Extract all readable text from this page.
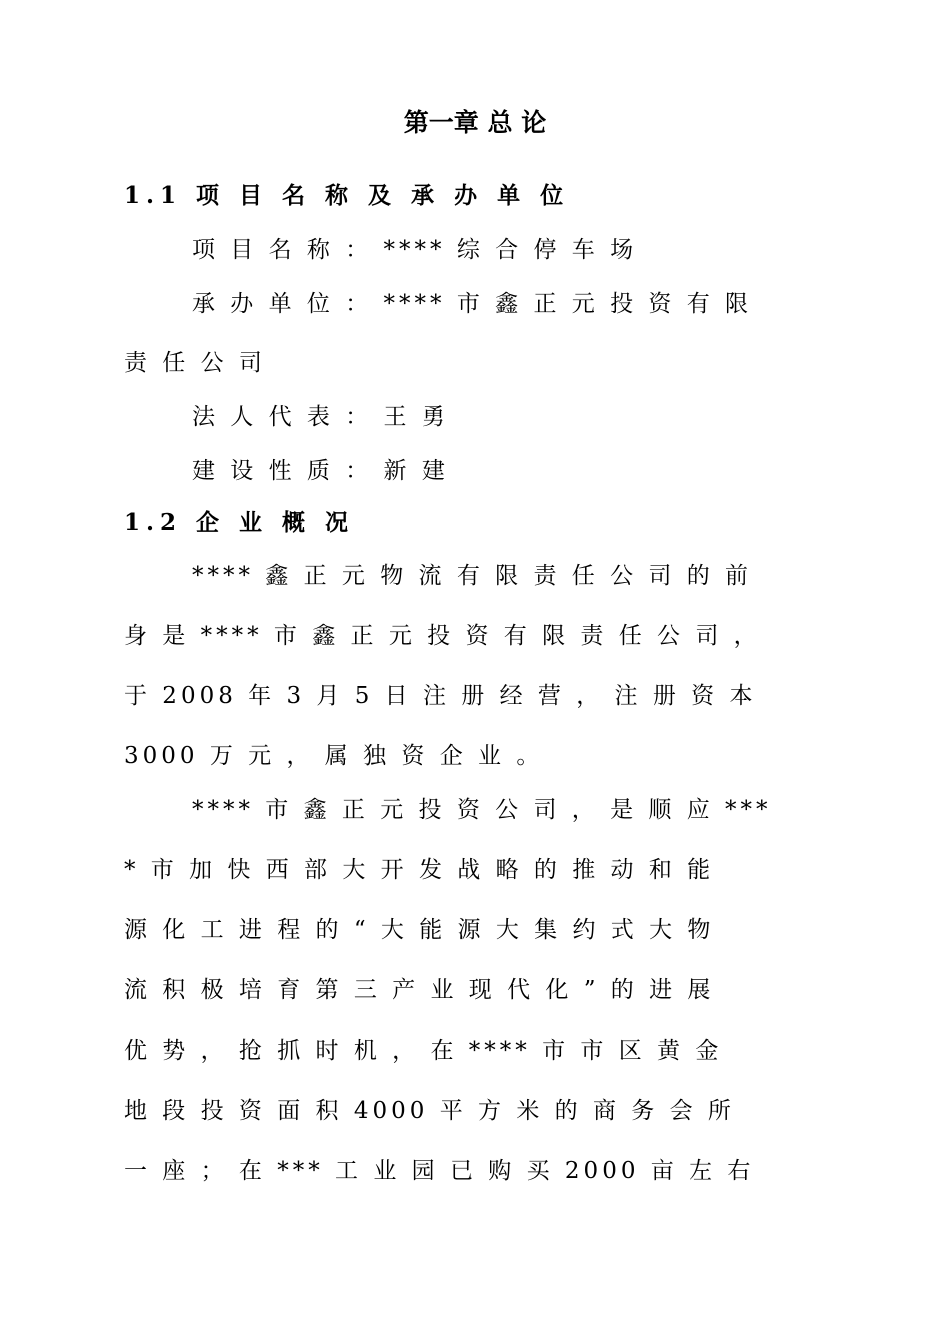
第一章 总 论
1.1 项 目 名 称 及 承 办 单 位
项 目 名 称 ： **** 综 合 停 车 场
承 办 单 位 ： **** 市 鑫 正 元 投 资 有 限
责 任 公 司
法 人 代 表 ： 王 勇
建 设 性 质 ： 新 建
1.2 企 业 概 况
**** 鑫 正 元 物 流 有 限 责 任 公 司 的 前
身 是 **** 市 鑫 正 元 投 资 有 限 责 任 公 司 ，
于 2008 年 3 月 5 日 注 册 经 营 ， 注 册 资 本
3000 万 元 ， 属 独 资 企 业 。
**** 市 鑫 正 元 投 资 公 司 ， 是 顺 应 ***
* 市 加 快 西 部 大 开 发 战 略 的 推 动 和 能
源 化 工 进 程 的 “ 大 能 源 大 集 约 式 大 物
流 积 极 培 育 第 三 产 业 现 代 化 ” 的 进 展
优 势 ， 抢 抓 时 机 ， 在 **** 市 市 区 黄 金
地 段 投 资 面 积 4000 平 方 米 的 商 务 会 所
一 座 ； 在 *** 工 业 园 已 购 买 2000 亩 左 右
